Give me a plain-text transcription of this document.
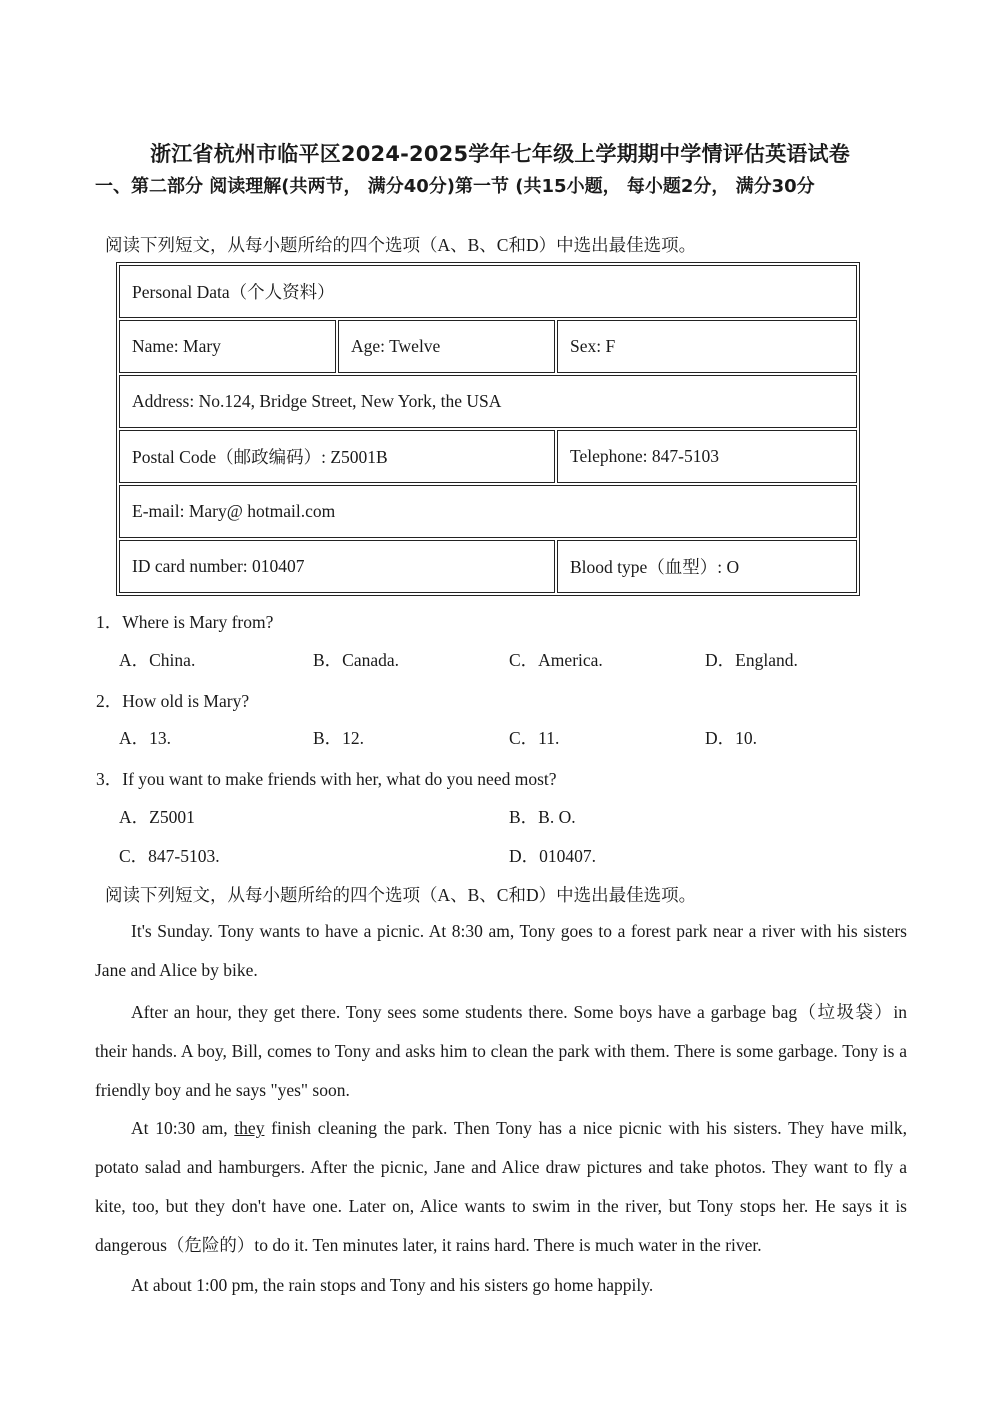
浙江省杭州市临平区2024-2025学年七年级上学期期中学情评估英语试卷
一、第二部分 阅读理解(共两节， 满分40分)第一节 (共15小题， 每小题2分， 满分30分
阅读下列短文，从每小题所给的四个选项（A、B、C和D）中选出最佳选项。
Personal Data（个人资料）		
Name: Mary	Age: Twelve	Sex: F
Address: No.124, Bridge Street, New York, the USA		
Postal Code（邮政编码）: Z5001B		Telephone: 847-5103
E-mail: Mary@ hotmail.com		
ID card number: 010407		Blood type（血型）: O
1．Where is Mary from?
A．China.	B．Canada.	C．America.	D．England.
2．How old is Mary?
A．13.	B．12.	C．11.	D．10.
3．If you want to make friends with her, what do you need most?
A．Z5001	B．B. O.
C．847-5103.	D．010407.
阅读下列短文，从每小题所给的四个选项（A、B、C和D）中选出最佳选项。
It's Sunday. Tony wants to have a picnic. At 8:30 am, Tony goes to a forest park near a river with his sisters Jane and Alice by bike.
After an hour, they get there. Tony sees some students there. Some boys have a garbage bag（垃圾袋）in their hands. A boy, Bill, comes to Tony and asks him to clean the park with them. There is some garbage. Tony is a friendly boy and he says "yes" soon.
At 10:30 am, they finish cleaning the park. Then Tony has a nice picnic with his sisters. They have milk, potato salad and hamburgers. After the picnic, Jane and Alice draw pictures and take photos. They want to fly a kite, too, but they don't have one. Later on, Alice wants to swim in the river, but Tony stops her. He says it is dangerous（危险的）to do it. Ten minutes later, it rains hard. There is much water in the river.
At about 1:00 pm, the rain stops and Tony and his sisters go home happily.
